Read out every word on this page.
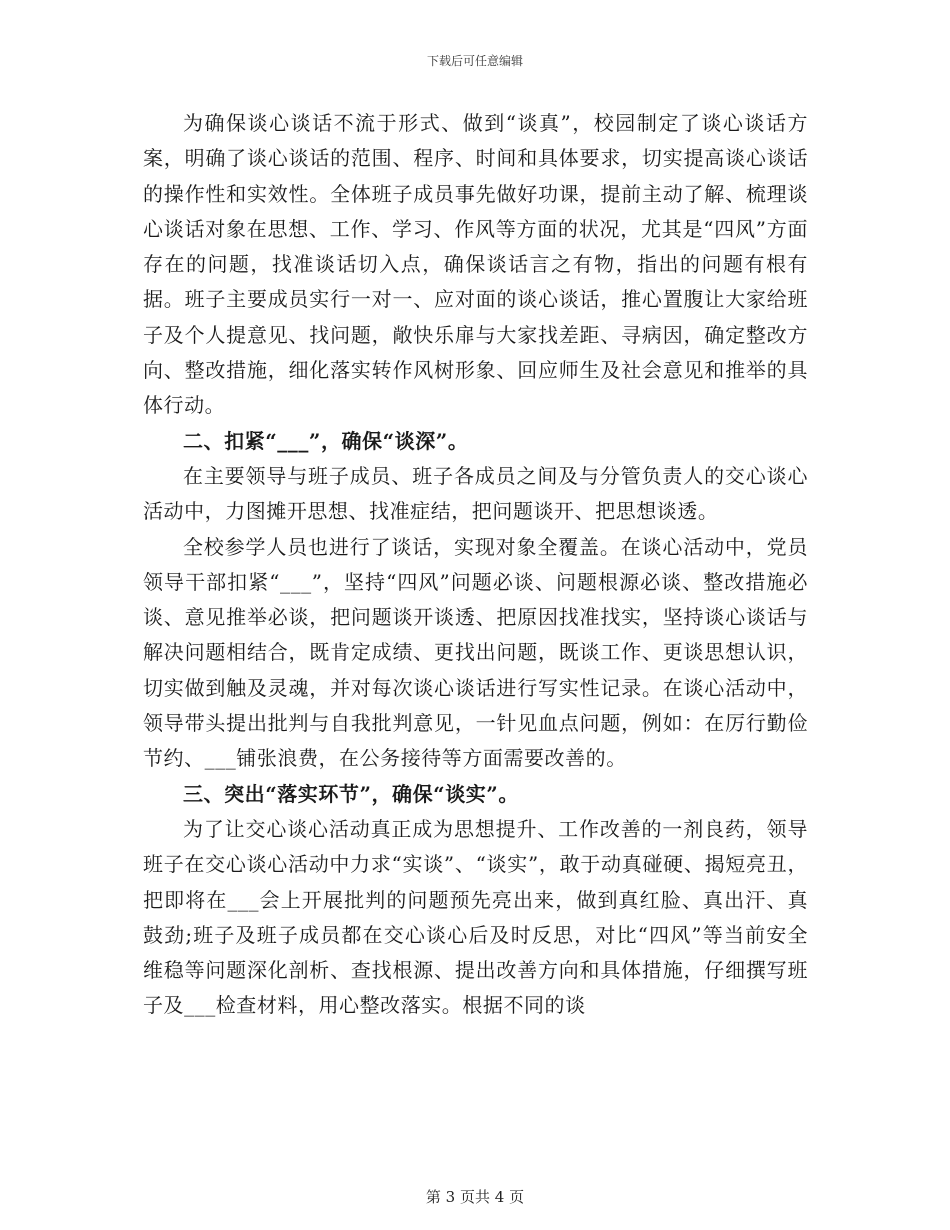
下载后可任意编辑

为确保谈心谈话不流于形式、做到“谈真”，校园制定了谈心谈话方案，明确了谈心谈话的范围、程序、时间和具体要求，切实提高谈心谈话的操作性和实效性。全体班子成员事先做好功课，提前主动了解、梳理谈心谈话对象在思想、工作、学习、作风等方面的状况，尤其是“四风”方面存在的问题，找准谈话切入点，确保谈话言之有物，指出的问题有根有据。班子主要成员实行一对一、应对面的谈心谈话，推心置腹让大家给班子及个人提意见、找问题，敞快乐扉与大家找差距、寻病因，确定整改方向、整改措施，细化落实转作风树形象、回应师生及社会意见和推举的具体行动。

二、扣紧“___”，确保“谈深”。

在主要领导与班子成员、班子各成员之间及与分管负责人的交心谈心活动中，力图摊开思想、找准症结，把问题谈开、把思想谈透。

全校参学人员也进行了谈话，实现对象全覆盖。在谈心活动中，党员领导干部扣紧“___”，坚持“四风”问题必谈、问题根源必谈、整改措施必谈、意见推举必谈，把问题谈开谈透、把原因找准找实，坚持谈心谈话与解决问题相结合，既肯定成绩、更找出问题，既谈工作、更谈思想认识，切实做到触及灵魂，并对每次谈心谈话进行写实性记录。在谈心活动中，领导带头提出批判与自我批判意见，一针见血点问题，例如：在厉行勤俭节约、___铺张浪费，在公务接待等方面需要改善的。

三、突出“落实环节”，确保“谈实”。

为了让交心谈心活动真正成为思想提升、工作改善的一剂良药，领导班子在交心谈心活动中力求“实谈”、“谈实”，敢于动真碰硬、揭短亮丑，把即将在___会上开展批判的问题预先亮出来，做到真红脸、真出汗、真鼓劲;班子及班子成员都在交心谈心后及时反思，对比“四风”等当前安全维稳等问题深化剖析、查找根源、提出改善方向和具体措施，仔细撰写班子及___检查材料，用心整改落实。根据不同的谈

第 3 页共 4 页
